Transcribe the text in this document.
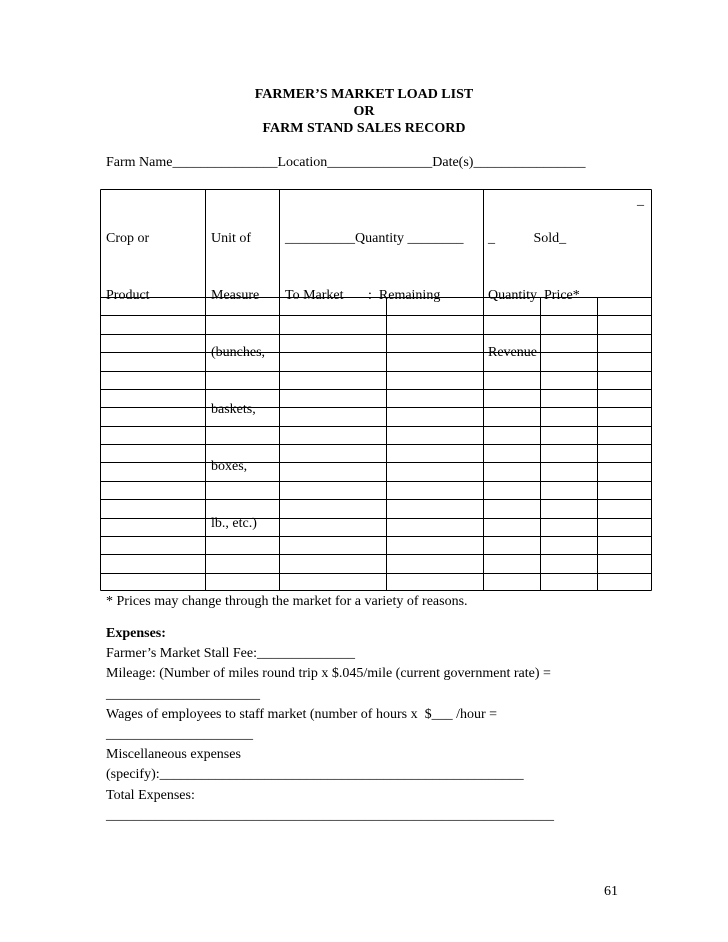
FARMER’S MARKET LOAD LIST
OR
FARM STAND SALES RECORD
Farm Name_______________Location_______________Date(s)________________

Crop or

Product

Unit of

Measure

(bunches,

baskets,

boxes,

lb., etc.)

__________Quantity ________

To Market       :  Remaining

_           Sold_

Quantity  Price*

Revenue

_
* Prices may change through the market for a variety of reasons.
Expenses:
Farmer’s Market Stall Fee:______________
Mileage: (Number of miles round trip x $.045/mile (current government rate) =
______________________
Wages of employees to staff market (number of hours x  $___ /hour =
_____________________
Miscellaneous expenses
(specify):____________________________________________________
Total Expenses:
________________________________________________________________
61
